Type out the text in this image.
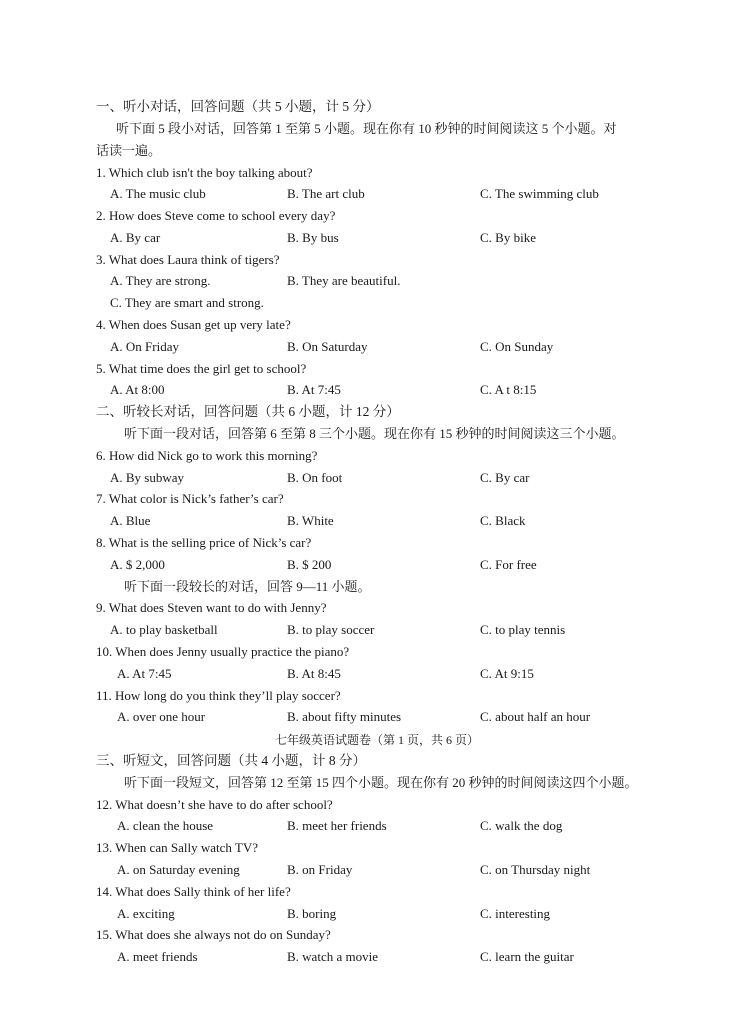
一、听小对话，回答问题（共 5 小题，计 5 分）
听下面 5 段小对话，回答第 1 至第 5 小题。现在你有 10 秒钟的时间阅读这 5 个小题。对
话读一遍。
1. Which club isn't the boy talking about?
A. The music club	B. The art club	C. The swimming club
2. How does Steve come to school every day?
A. By car	B. By bus	C. By bike
3. What does Laura think of tigers?
A. They are strong.	B. They are beautiful.
C. They are smart and strong.
4. When does Susan get up very late?
A. On Friday	B. On Saturday	C. On Sunday
5. What time does the girl get to school?
A. At 8:00	B. At 7:45	C. A t 8:15
二、听较长对话，回答问题（共 6 小题，计 12 分）
听下面一段对话，回答第 6 至第 8 三个小题。现在你有 15 秒钟的时间阅读这三个小题。
6. How did Nick go to work this morning?
A. By subway	B. On foot	C. By car
7. What color is Nick’s father’s car?
A. Blue	B. White	C. Black
8. What is the selling price of Nick’s car?
A. $ 2,000	B. $ 200	C. For free
听下面一段较长的对话，回答 9—11 小题。
9. What does Steven want to do with Jenny?
A. to play basketball	B. to play soccer	C. to play tennis
10. When does Jenny usually practice the piano?
A. At 7:45	B. At 8:45	C. At 9:15
11. How long do you think they’ll play soccer?
A. over one hour	B. about fifty minutes	C. about half an hour
七年级英语试题卷（第 1 页，共 6 页）
三、听短文，回答问题（共 4 小题，计 8 分）
听下面一段短文，回答第 12 至第 15 四个小题。现在你有 20 秒钟的时间阅读这四个小题。
12. What doesn’t she have to do after school?
A. clean the house	B. meet her friends	C. walk the dog
13. When can Sally watch TV?
A. on Saturday evening	B. on Friday	C. on Thursday night
14. What does Sally think of her life?
A. exciting	B. boring	C. interesting
15. What does she always not do on Sunday?
A. meet friends	B. watch a movie	C. learn the guitar
